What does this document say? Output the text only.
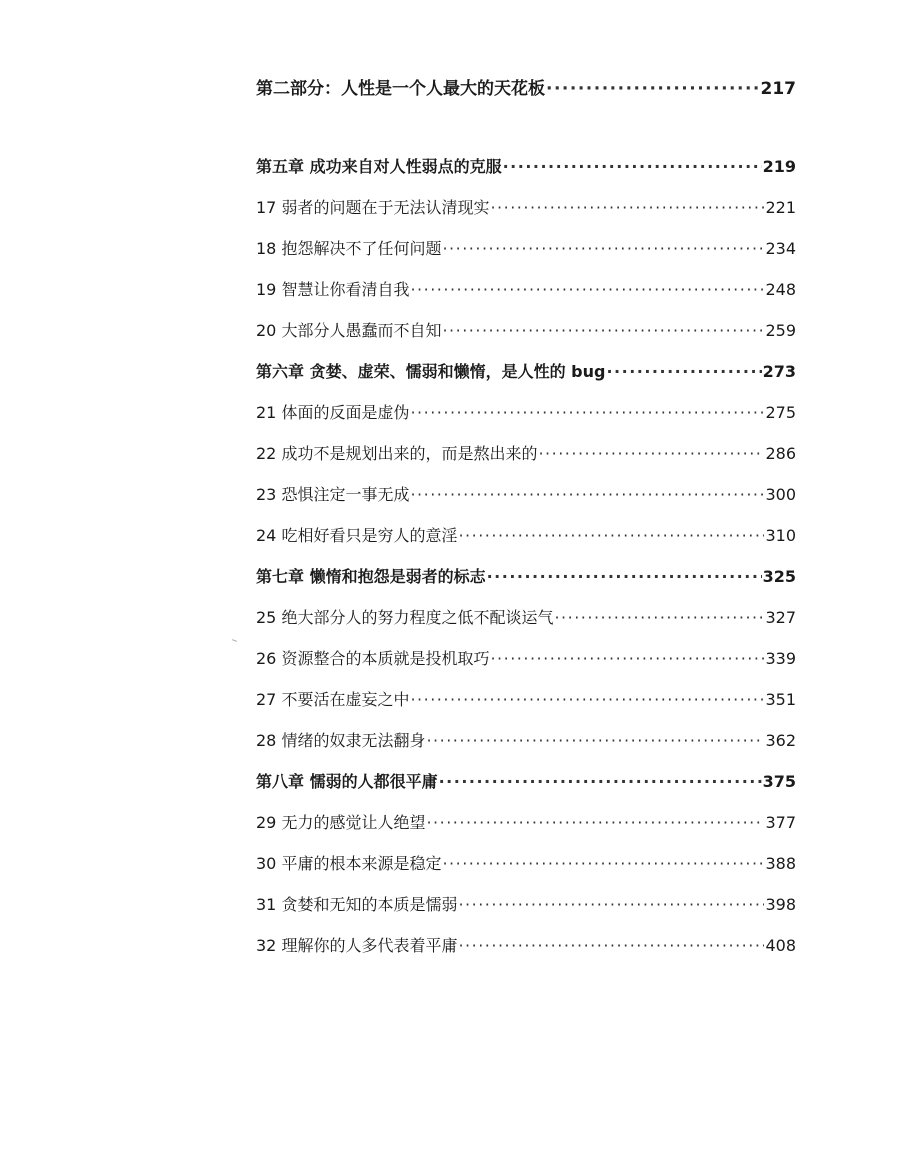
第二部分：人性是一个人最大的天花板 ·····	217
第五章 成功来自对人性弱点的克服 ·····	219
17 弱者的问题在于无法认清现实 ·····	221
18 抱怨解决不了任何问题 ·····	234
19 智慧让你看清自我 ·····	248
20 大部分人愚蠢而不自知 ·····	259
第六章 贪婪、虚荣、懦弱和懒惰，是人性的 bug ·····	273
21 体面的反面是虚伪 ·····	275
22 成功不是规划出来的，而是熬出来的 ·····	286
23 恐惧注定一事无成 ·····	300
24 吃相好看只是穷人的意淫 ·····	310
第七章 懒惰和抱怨是弱者的标志 ·····	325
25 绝大部分人的努力程度之低不配谈运气 ·····	327
26 资源整合的本质就是投机取巧 ·····	339
27 不要活在虚妄之中 ·····	351
28 情绪的奴隶无法翻身 ·····	362
第八章 懦弱的人都很平庸 ·····	375
29 无力的感觉让人绝望 ·····	377
30 平庸的根本来源是稳定 ·····	388
31 贪婪和无知的本质是懦弱 ·····	398
32 理解你的人多代表着平庸 ·····	408
